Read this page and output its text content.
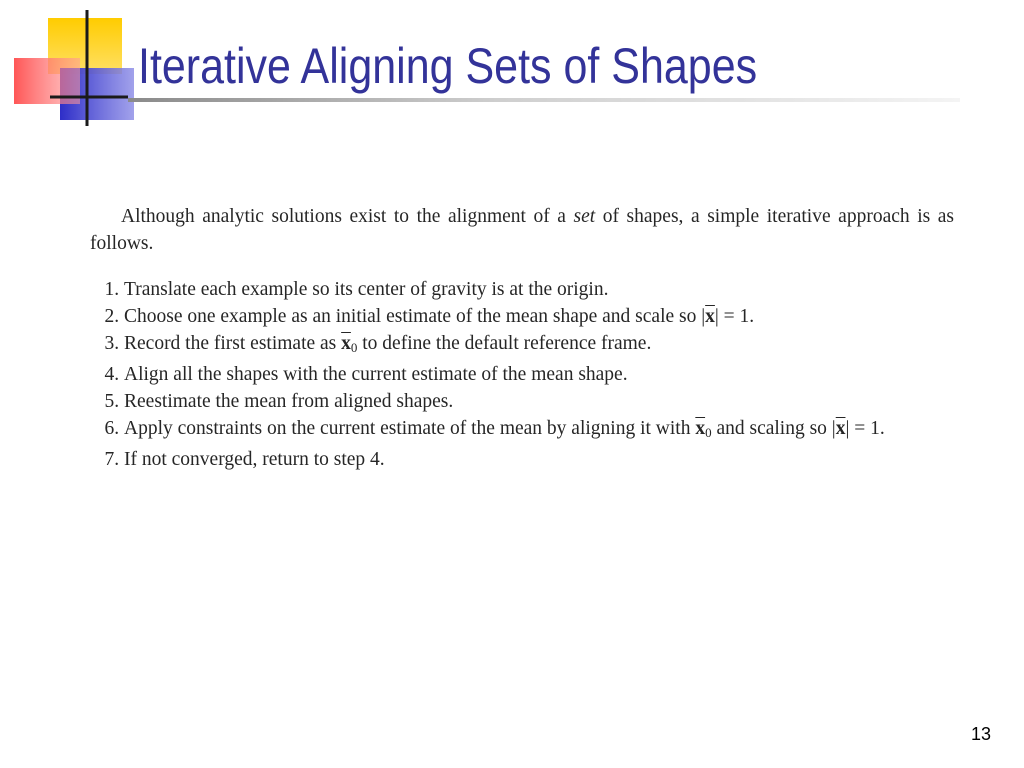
Iterative Aligning Sets of Shapes

Although analytic solutions exist to the alignment of a set of shapes, a simple iterative approach is as follows.

1. Translate each example so its center of gravity is at the origin.
2. Choose one example as an initial estimate of the mean shape and scale so $|\overline{x}| = 1$.
3. Record the first estimate as $\overline{x}_0$ to define the default reference frame.
4. Align all the shapes with the current estimate of the mean shape.
5. Reestimate the mean from aligned shapes.
6. Apply constraints on the current estimate of the mean by aligning it with $\overline{x}_0$ and scaling so $|\overline{x}| = 1$.
7. If not converged, return to step 4.
13
